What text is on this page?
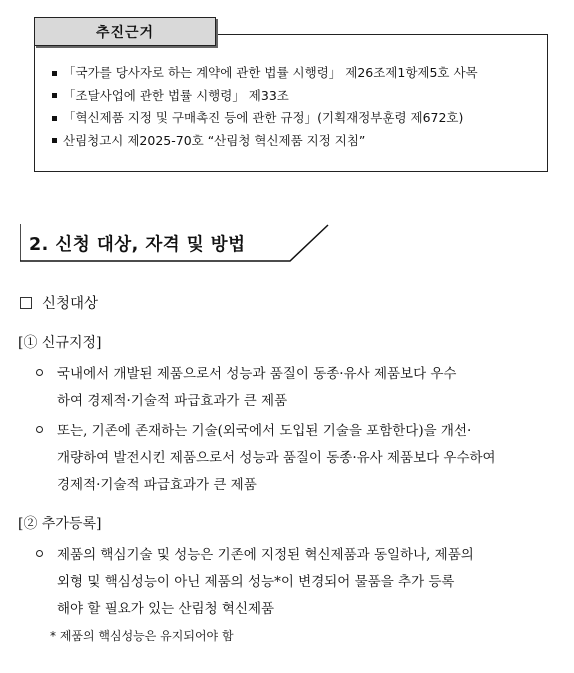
추진근거
「국가를 당사자로 하는 계약에 관한 법률 시행령」 제26조제1항제5호 사목
「조달사업에 관한 법률 시행령」 제33조
「혁신제품 지정 및 구매촉진 등에 관한 규정」(기획재정부훈령 제672호)
산림청고시 제2025-70호 “산림청 혁신제품 지정 지침”
2. 신청 대상, 자격 및 방법
신청대상
[① 신규지정]
국내에서 개발된 제품으로서 성능과 품질이 동종·유사 제품보다 우수
하여 경제적·기술적 파급효과가 큰 제품
또는, 기존에 존재하는 기술(외국에서 도입된 기술을 포함한다)을 개선·
개량하여 발전시킨 제품으로서 성능과 품질이 동종·유사 제품보다 우수하여
경제적·기술적 파급효과가 큰 제품
[② 추가등록]
제품의 핵심기술 및 성능은 기존에 지정된 혁신제품과 동일하나, 제품의
외형 및 핵심성능이 아닌 제품의 성능*이 변경되어 물품을 추가 등록
해야 할 필요가 있는 산림청 혁신제품
* 제품의 핵심성능은 유지되어야 함
